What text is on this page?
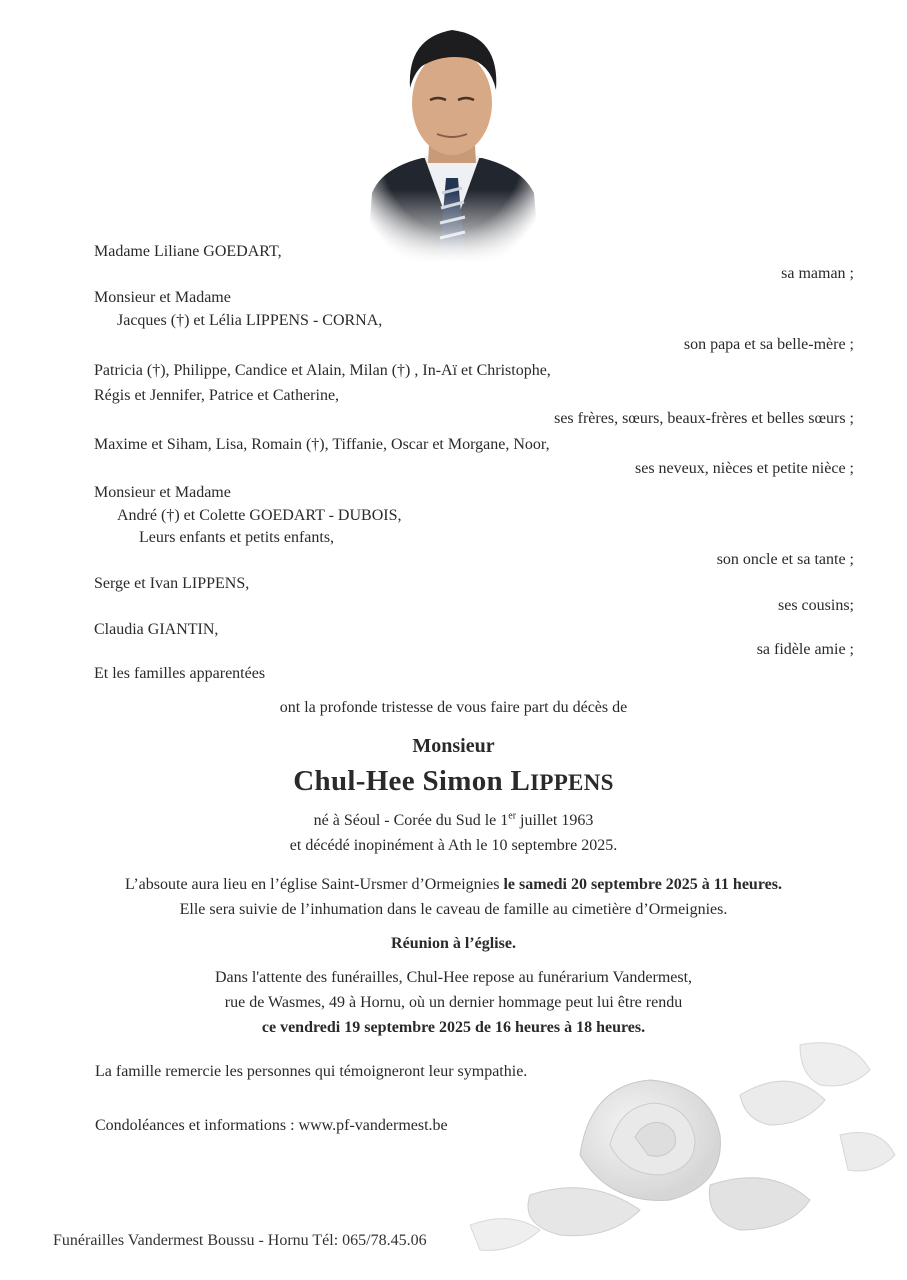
Madame Liliane GOEDART,
sa maman ;
Monsieur et Madame
Jacques (†) et Lélia LIPPENS - CORNA,
son papa et sa belle-mère ;
Patricia (†), Philippe, Candice et Alain, Milan (†) , In-Aï et Christophe,
Régis et Jennifer, Patrice et Catherine,
ses frères, sœurs, beaux-frères et belles sœurs ;
Maxime et Siham, Lisa, Romain (†), Tiffanie, Oscar et Morgane, Noor,
ses neveux, nièces et petite nièce ;
Monsieur et Madame
André (†) et Colette GOEDART - DUBOIS,
Leurs enfants et petits enfants,
son oncle et sa tante ;
Serge et Ivan LIPPENS,
ses cousins;
Claudia GIANTIN,
sa fidèle amie ;
Et les familles apparentées
ont la profonde tristesse de vous faire part du décès de
Monsieur
Chul-Hee Simon LIPPENS
né à Séoul - Corée du Sud le 1er juillet 1963
et décédé inopinément à Ath le 10 septembre 2025.
L’absoute aura lieu en l’église Saint-Ursmer d’Ormeignies le samedi 20 septembre 2025 à 11 heures.
Elle sera suivie de l’inhumation dans le caveau de famille au cimetière d’Ormeignies.
Réunion à l’église.
Dans l'attente des funérailles, Chul-Hee repose au funérarium Vandermest,
rue de Wasmes, 49 à Hornu, où un dernier hommage peut lui être rendu
ce vendredi 19 septembre 2025 de 16 heures à 18 heures.
La famille remercie les personnes qui témoigneront leur sympathie.
Condoléances et informations : www.pf-vandermest.be
Funérailles Vandermest Boussu - Hornu Tél: 065/78.45.06
